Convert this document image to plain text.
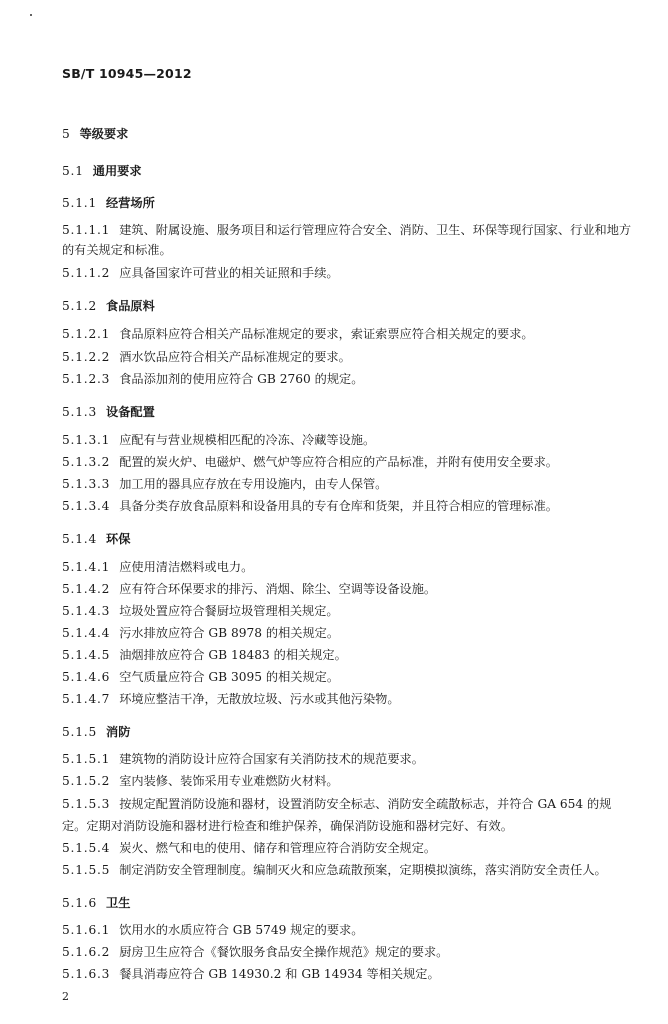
SB/T 10945—2012
5 等级要求
5.1 通用要求
5.1.1 经营场所
5.1.1.1 建筑、附属设施、服务项目和运行管理应符合安全、消防、卫生、环保等现行国家、行业和地方
的有关规定和标准。
5.1.1.2 应具备国家许可营业的相关证照和手续。
5.1.2 食品原料
5.1.2.1 食品原料应符合相关产品标准规定的要求，索证索票应符合相关规定的要求。
5.1.2.2 酒水饮品应符合相关产品标准规定的要求。
5.1.2.3 食品添加剂的使用应符合 GB 2760 的规定。
5.1.3 设备配置
5.1.3.1 应配有与营业规模相匹配的冷冻、冷藏等设施。
5.1.3.2 配置的炭火炉、电磁炉、燃气炉等应符合相应的产品标准，并附有使用安全要求。
5.1.3.3 加工用的器具应存放在专用设施内，由专人保管。
5.1.3.4 具备分类存放食品原料和设备用具的专有仓库和货架，并且符合相应的管理标准。
5.1.4 环保
5.1.4.1 应使用清洁燃料或电力。
5.1.4.2 应有符合环保要求的排污、消烟、除尘、空调等设备设施。
5.1.4.3 垃圾处置应符合餐厨垃圾管理相关规定。
5.1.4.4 污水排放应符合 GB 8978 的相关规定。
5.1.4.5 油烟排放应符合 GB 18483 的相关规定。
5.1.4.6 空气质量应符合 GB 3095 的相关规定。
5.1.4.7 环境应整洁干净，无散放垃圾、污水或其他污染物。
5.1.5 消防
5.1.5.1 建筑物的消防设计应符合国家有关消防技术的规范要求。
5.1.5.2 室内装修、装饰采用专业难燃防火材料。
5.1.5.3 按规定配置消防设施和器材，设置消防安全标志、消防安全疏散标志，并符合 GA 654 的规
定。定期对消防设施和器材进行检查和维护保养，确保消防设施和器材完好、有效。
5.1.5.4 炭火、燃气和电的使用、储存和管理应符合消防安全规定。
5.1.5.5 制定消防安全管理制度。编制灭火和应急疏散预案，定期模拟演练，落实消防安全责任人。
5.1.6 卫生
5.1.6.1 饮用水的水质应符合 GB 5749 规定的要求。
5.1.6.2 厨房卫生应符合《餐饮服务食品安全操作规范》规定的要求。
5.1.6.3 餐具消毒应符合 GB 14930.2 和 GB 14934 等相关规定。
2
